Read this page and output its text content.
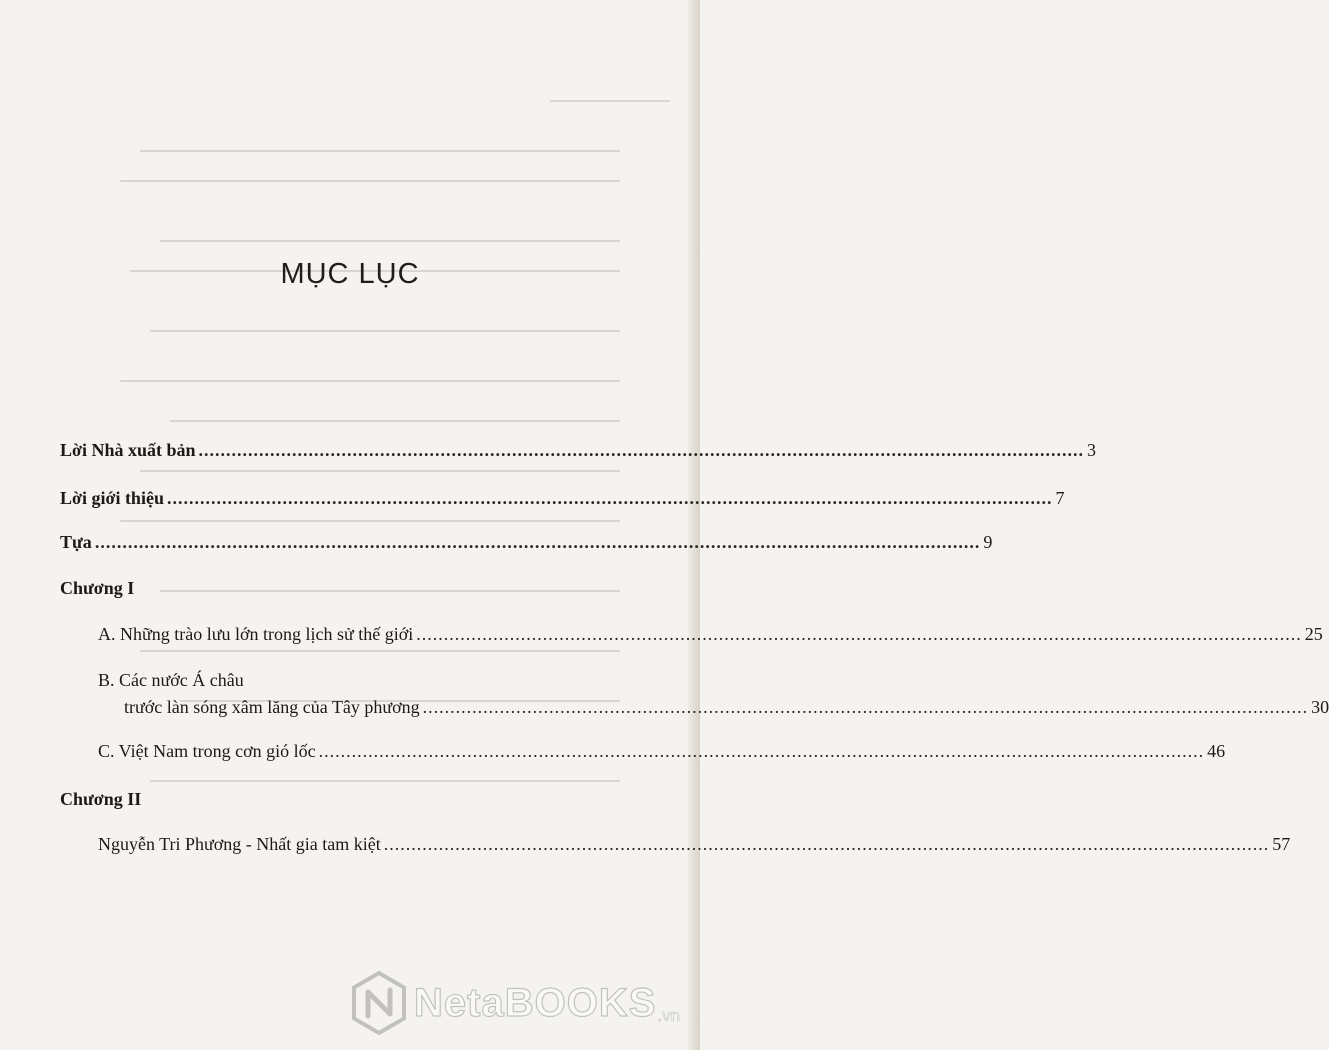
MỤC LỤC
Lời Nhà xuất bản ................................................................................................................................................................. 3
Lời giới thiệu ................................................................................................................................................................. 7
Tựa ................................................................................................................................................................. 9
Chương I
A. Những trào lưu lớn trong lịch sử thế giới ................................................................................................................................................................. 25
B. Các nước Á châu
trước làn sóng xâm lăng của Tây phương ................................................................................................................................................................. 30
C. Việt Nam trong cơn gió lốc ................................................................................................................................................................. 46
Chương II
Nguyễn Tri Phương - Nhất gia tam kiệt ................................................................................................................................................................. 57
NetaBOOKS .vn
